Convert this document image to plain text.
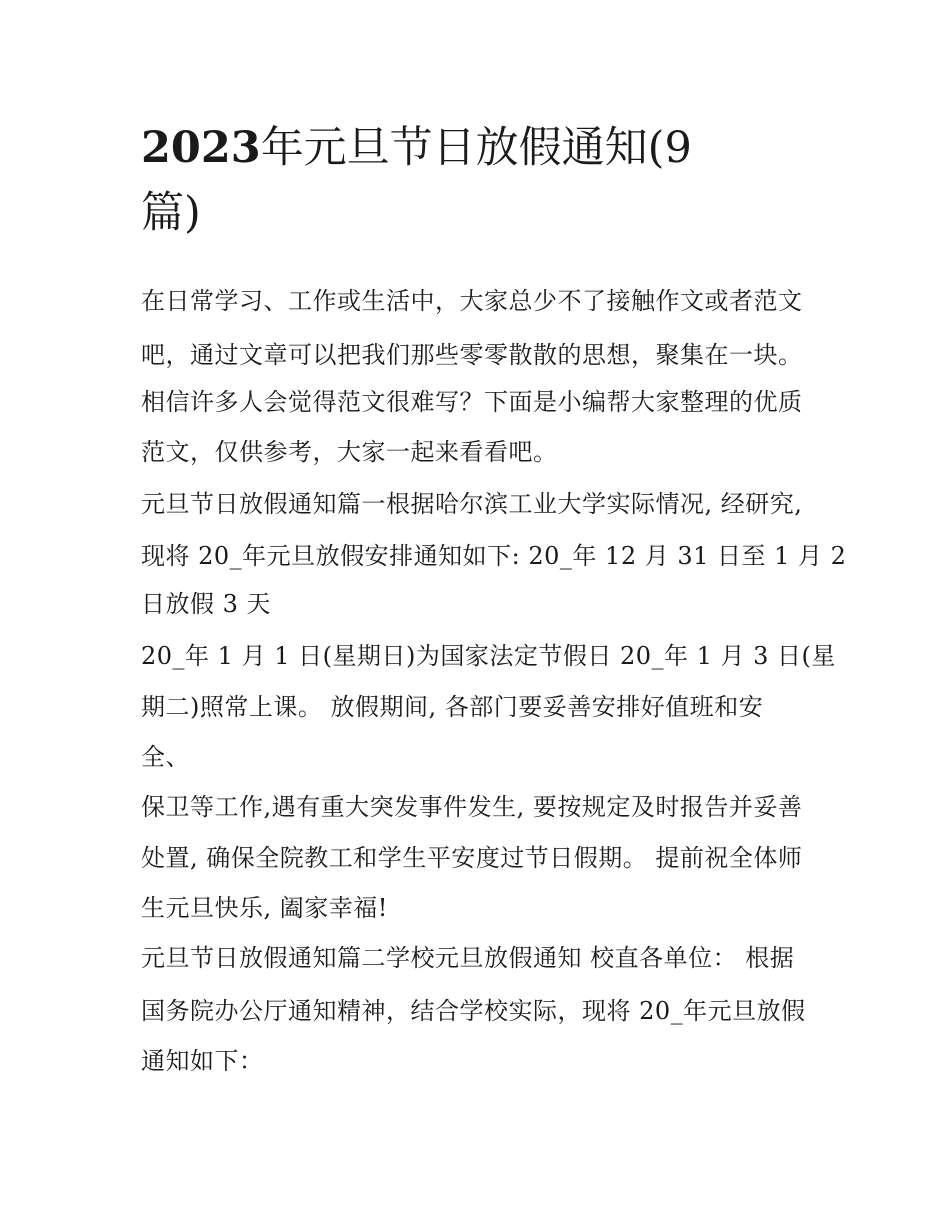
2023年元旦节日放假通知(9
篇)

在日常学习、工作或生活中，大家总少不了接触作文或者范文

吧，通过文章可以把我们那些零零散散的思想，聚集在一块。

相信许多人会觉得范文很难写？下面是小编帮大家整理的优质

范文，仅供参考，大家一起来看看吧。

元旦节日放假通知篇一根据哈尔滨工业大学实际情况, 经研究,

现将 20_年元旦放假安排通知如下: 20_年 12 月 31 日至 1 月 2

日放假 3 天

20_年 1 月 1 日(星期日)为国家法定节假日 20_年 1 月 3 日(星

期二)照常上课。 放假期间, 各部门要妥善安排好值班和安

全、

保卫等工作,遇有重大突发事件发生, 要按规定及时报告并妥善

处置, 确保全院教工和学生平安度过节日假期。 提前祝全体师

生元旦快乐, 阖家幸福!

元旦节日放假通知篇二学校元旦放假通知 校直各单位： 根据

国务院办公厅通知精神，结合学校实际，现将 20_年元旦放假

通知如下：
